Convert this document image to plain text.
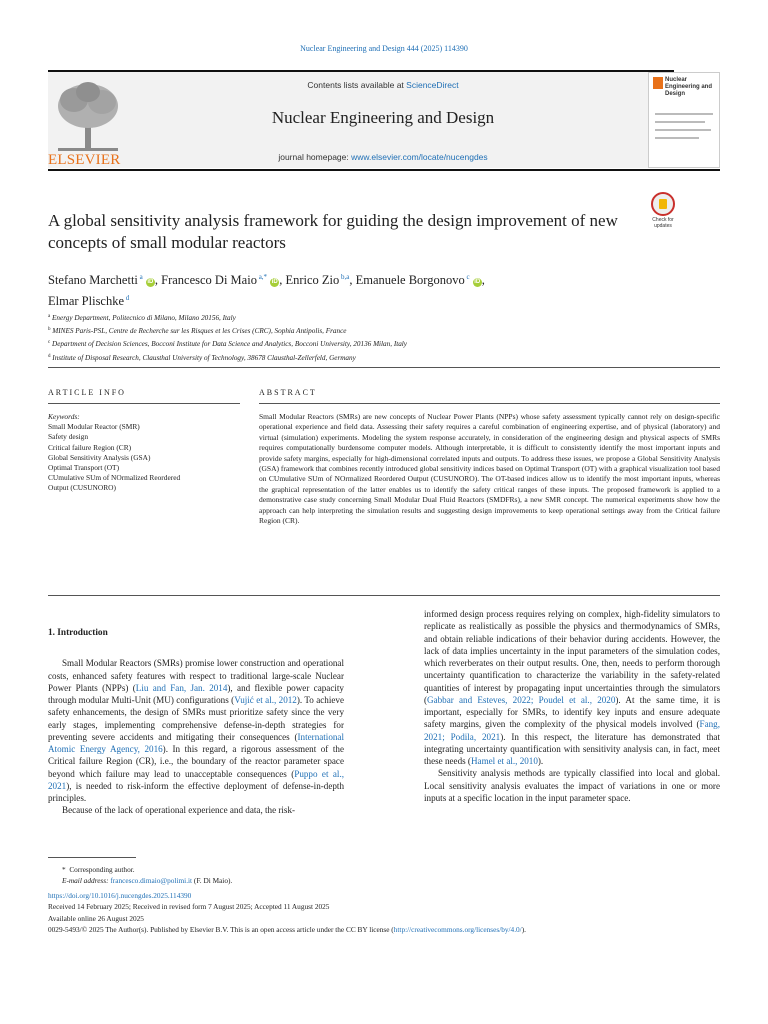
Nuclear Engineering and Design 444 (2025) 114390
ELSEVIER
Contents lists available at ScienceDirect
Nuclear Engineering and Design
journal homepage: www.elsevier.com/locate/nucengdes
Nuclear Engineering and Design
A global sensitivity analysis framework for guiding the design improvement of new concepts of small modular reactors
Check for updates
Stefano Marchetti $^a$ iD , Francesco Di Maio $^{a,*}$ iD , Enrico Zio $^{b,a}$, Emanuele Borgonovo $^c$ iD ,
Elmar Plischke $^d$
$^a$ Energy Department, Politecnico di Milano, Milano 20156, Italy
$^b$ MINES Paris-PSL, Centre de Recherche sur les Risques et les Crises (CRC), Sophia Antipolis, France
$^c$ Department of Decision Sciences, Bocconi Institute for Data Science and Analytics, Bocconi University, 20136 Milan, Italy
$^d$ Institute of Disposal Research, Clausthal University of Technology, 38678 Clausthal-Zellerfeld, Germany
ARTICLE INFO
Keywords:
Small Modular Reactor (SMR)
Safety design
Critical failure Region (CR)
Global Sensitivity Analysis (GSA)
Optimal Transport (OT)
CUmulative SUm of NOrmalized Reordered
Output (CUSUNORO)
ABSTRACT
Small Modular Reactors (SMRs) are new concepts of Nuclear Power Plants (NPPs) whose safety assessment typically cannot rely on design-specific operational experience and field data. Assessing their safety requires a careful combination of engineering expertise, and of physical (laboratory) and virtual (simulation) experiments. Modeling the system response accurately, in consideration of the engineering design and physical aspects of SMRs requires computationally burdensome computer models. Although interpretable, it is difficult to consistently identify the most important inputs and provide safety margins, especially for high-dimensional correlated inputs and outputs. To address these issues, we propose a Global Sensitivity Analysis (GSA) framework that combines recently introduced global sensitivity indices based on Optimal Transport (OT) with a graphical visualization tool based on CUmulative SUm of NOrmalized Reordered Output (CUSUNORO). The OT-based indices allow us to identify the most important inputs, whereas the graphical representation of the latter enables us to identify the safety critical ranges of these inputs. The proposed framework is applied to a demonstrative case study concerning Small Modular Dual Fluid Reactors (SMDFRs), a new SMR concept. The numerical experiments show how the approach can help interpreting the simulation results and suggesting design improvements to keep operational settings away from the Critical failure Region (CR).
1. Introduction

Small Modular Reactors (SMRs) promise lower construction and operational costs, enhanced safety features with respect to traditional large-scale Nuclear Power Plants (NPPs) (Liu and Fan, Jan. 2014), and flexible power capacity through modular Multi-Unit (MU) configurations (Vujić et al., 2012). To achieve safety enhancements, the design of SMRs must prioritize safety since the very early stages, implementing comprehensive defense-in-depth strategies for preventing severe accidents and mitigating their consequences (International Atomic Energy Agency, 2016). In this regard, a rigorous assessment of the Critical failure Region (CR), i.e., the boundary of the reactor parameter space beyond which failure may lead to unacceptable consequences (Puppo et al., 2021), is needed to risk-inform the effective deployment of defense-in-depth principles.

Because of the lack of operational experience and data, the risk-

informed design process requires relying on complex, high-fidelity simulators to replicate as realistically as possible the physics and thermodynamics of SMRs, and obtain reliable indications of their behavior during accidents. However, the lack of data implies uncertainty in the input parameters of the simulation codes, which reverberates on their output results. One, then, needs to perform thorough uncertainty quantification to characterize the variability in the safety-related quantities of interest by propagating input uncertainties through the simulators (Gabbar and Esteves, 2022; Poudel et al., 2020). At the same time, it is important, especially for SMRs, to identify key inputs and ensure adequate safety margins, given the complexity of the physical models involved (Fang, 2021; Podila, 2021). In this respect, the literature has demonstrated that integrating uncertainty quantification with sensitivity analysis can, in fact, meet these needs (Hamel et al., 2010).

Sensitivity analysis methods are typically classified into local and global. Local sensitivity analysis evaluates the impact of variations in one or more inputs at a specific location in the input parameter space.

* Corresponding author.
E-mail address: francesco.dimaio@polimi.it (F. Di Maio).
https://doi.org/10.1016/j.nucengdes.2025.114390
Received 14 February 2025; Received in revised form 7 August 2025; Accepted 11 August 2025
Available online 26 August 2025
0029-5493/© 2025 The Author(s). Published by Elsevier B.V. This is an open access article under the CC BY license (http://creativecommons.org/licenses/by/4.0/).
